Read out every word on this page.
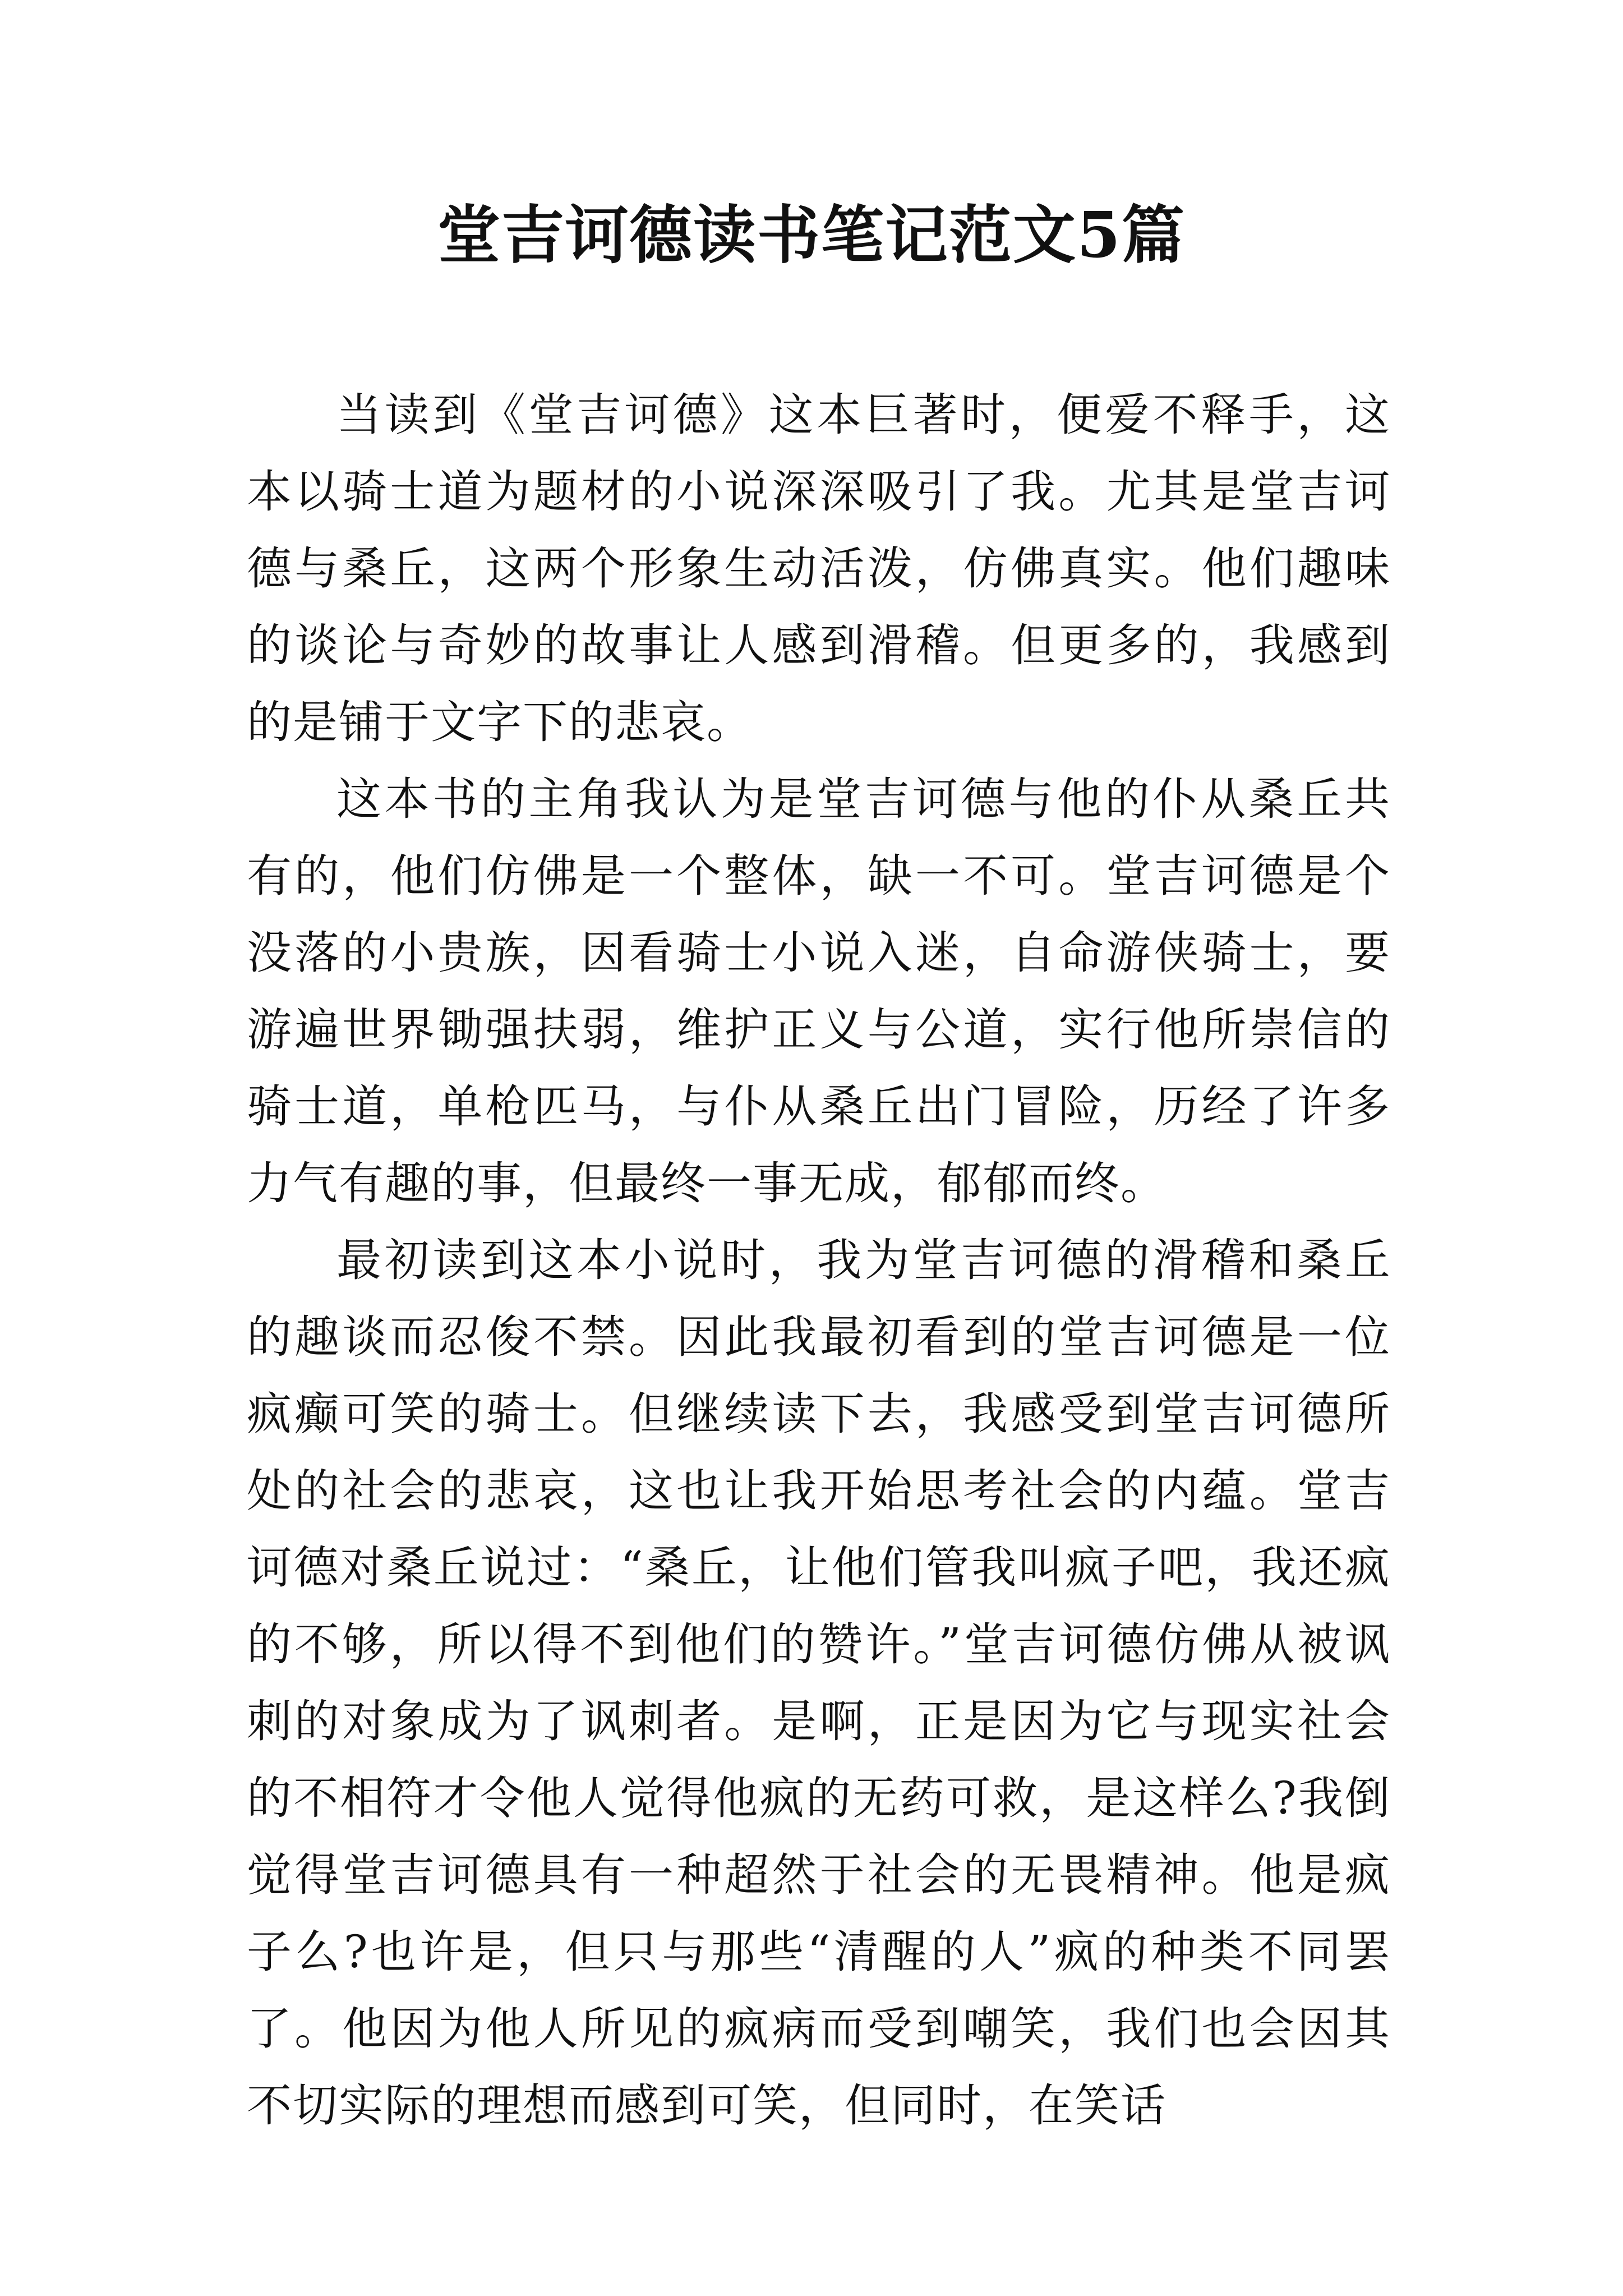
堂吉诃德读书笔记范文5篇

当读到《堂吉诃德》这本巨著时，便爱不释手，这本以骑士道为题材的小说深深吸引了我。尤其是堂吉诃德与桑丘，这两个形象生动活泼，仿佛真实。他们趣味的谈论与奇妙的故事让人感到滑稽。但更多的，我感到的是铺于文字下的悲哀。

这本书的主角我认为是堂吉诃德与他的仆从桑丘共有的，他们仿佛是一个整体，缺一不可。堂吉诃德是个没落的小贵族，因看骑士小说入迷，自命游侠骑士，要游遍世界锄强扶弱，维护正义与公道，实行他所崇信的骑士道，单枪匹马，与仆从桑丘出门冒险，历经了许多力气有趣的事，但最终一事无成，郁郁而终。

最初读到这本小说时，我为堂吉诃德的滑稽和桑丘的趣谈而忍俊不禁。因此我最初看到的堂吉诃德是一位疯癫可笑的骑士。但继续读下去，我感受到堂吉诃德所处的社会的悲哀，这也让我开始思考社会的内蕴。堂吉诃德对桑丘说过：“桑丘，让他们管我叫疯子吧，我还疯的不够，所以得不到他们的赞许。”堂吉诃德仿佛从被讽刺的对象成为了讽刺者。是啊，正是因为它与现实社会的不相符才令他人觉得他疯的无药可救，是这样么?我倒觉得堂吉诃德具有一种超然于社会的无畏精神。他是疯子么?也许是，但只与那些“清醒的人”疯的种类不同罢了。他因为他人所见的疯病而受到嘲笑，我们也会因其不切实际的理想而感到可笑，但同时，在笑话
